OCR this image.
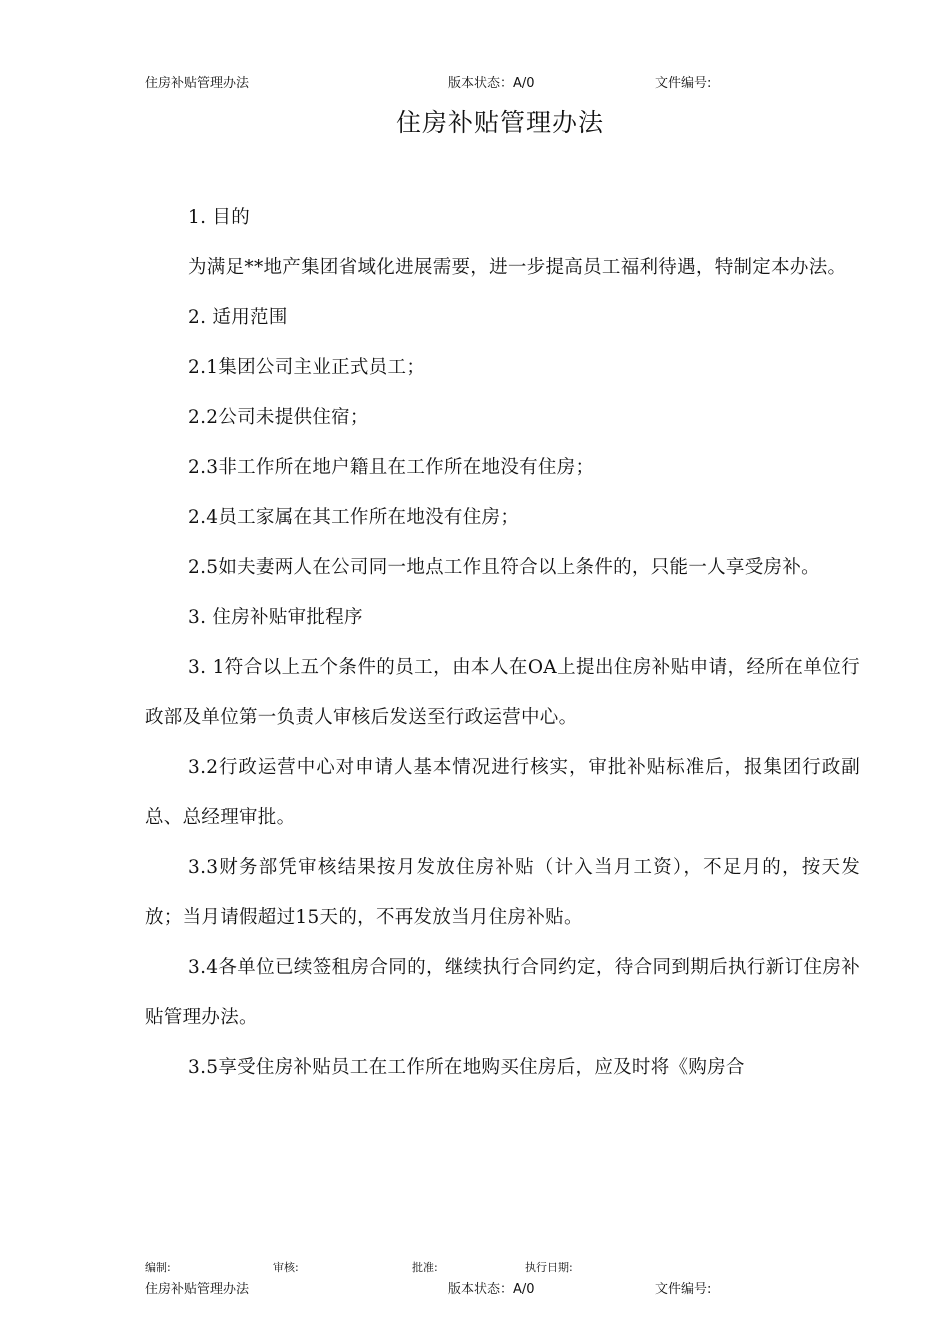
住房补贴管理办法	版本状态：A/0	文件编号:
住房补贴管理办法

1. 目的

为满足**地产集团省域化进展需要，进一步提高员工福利待遇，特制定本办法。

2. 适用范围

2.1集团公司主业正式员工；

2.2公司未提供住宿；

2.3非工作所在地户籍且在工作所在地没有住房；

2.4员工家属在其工作所在地没有住房；

2.5如夫妻两人在公司同一地点工作且符合以上条件的，只能一人享受房补。

3. 住房补贴审批程序

3. 1符合以上五个条件的员工，由本人在OA上提出住房补贴申请，经所在单位行政部及单位第一负责人审核后发送至行政运营中心。

3.2行政运营中心对申请人基本情况进行核实，审批补贴标准后，报集团行政副总、总经理审批。

3.3财务部凭审核结果按月发放住房补贴（计入当月工资），不足月的，按天发放；当月请假超过15天的，不再发放当月住房补贴。

3.4各单位已续签租房合同的，继续执行合同约定，待合同到期后执行新订住房补贴管理办法。

3.5享受住房补贴员工在工作所在地购买住房后，应及时将《购房合

编制:	审核:	批准:	执行日期:
住房补贴管理办法	版本状态：A/0	文件编号:
